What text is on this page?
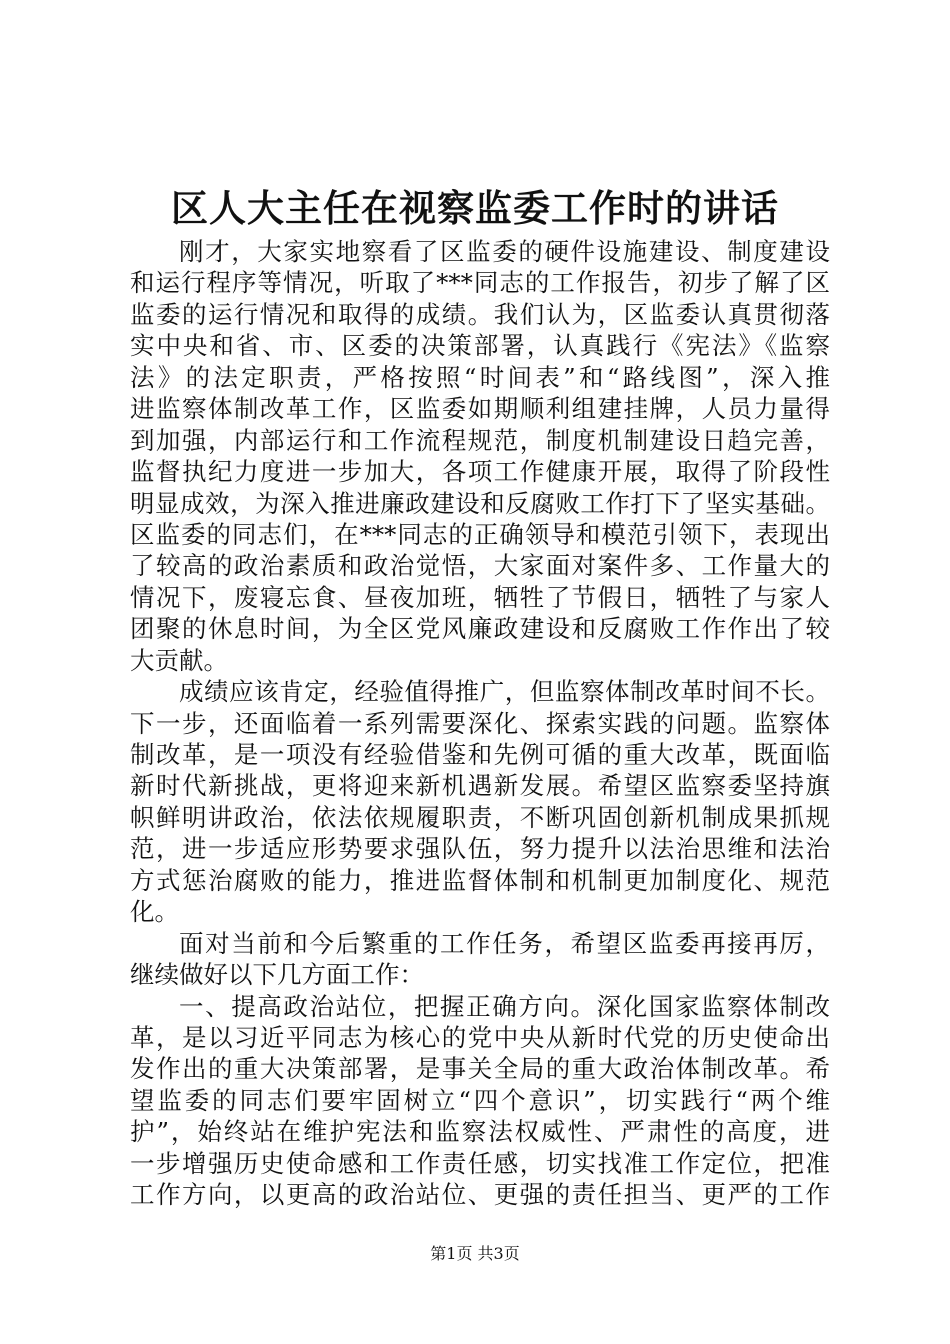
区人大主任在视察监委工作时的讲话
刚才，大家实地察看了区监委的硬件设施建设、制度建设
和运行程序等情况，听取了***同志的工作报告，初步了解了区
监委的运行情况和取得的成绩。我们认为，区监委认真贯彻落
实中央和省、市、区委的决策部署，认真践行《宪法》《监察
法》的法定职责，严格按照“时间表”和“路线图”，深入推
进监察体制改革工作，区监委如期顺利组建挂牌，人员力量得
到加强，内部运行和工作流程规范，制度机制建设日趋完善，
监督执纪力度进一步加大，各项工作健康开展，取得了阶段性
明显成效，为深入推进廉政建设和反腐败工作打下了坚实基础。
区监委的同志们，在***同志的正确领导和模范引领下，表现出
了较高的政治素质和政治觉悟，大家面对案件多、工作量大的
情况下，废寝忘食、昼夜加班，牺牲了节假日，牺牲了与家人
团聚的休息时间，为全区党风廉政建设和反腐败工作作出了较
大贡献。
成绩应该肯定，经验值得推广，但监察体制改革时间不长。
下一步，还面临着一系列需要深化、探索实践的问题。监察体
制改革，是一项没有经验借鉴和先例可循的重大改革，既面临
新时代新挑战，更将迎来新机遇新发展。希望区监察委坚持旗
帜鲜明讲政治，依法依规履职责，不断巩固创新机制成果抓规
范，进一步适应形势要求强队伍，努力提升以法治思维和法治
方式惩治腐败的能力，推进监督体制和机制更加制度化、规范
化。
面对当前和今后繁重的工作任务，希望区监委再接再厉，
继续做好以下几方面工作：
一、提高政治站位，把握正确方向。深化国家监察体制改
革，是以习近平同志为核心的党中央从新时代党的历史使命出
发作出的重大决策部署，是事关全局的重大政治体制改革。希
望监委的同志们要牢固树立“四个意识”，切实践行“两个维
护”，始终站在维护宪法和监察法权威性、严肃性的高度，进
一步增强历史使命感和工作责任感，切实找准工作定位，把准
工作方向，以更高的政治站位、更强的责任担当、更严的工作
第1页 共3页
